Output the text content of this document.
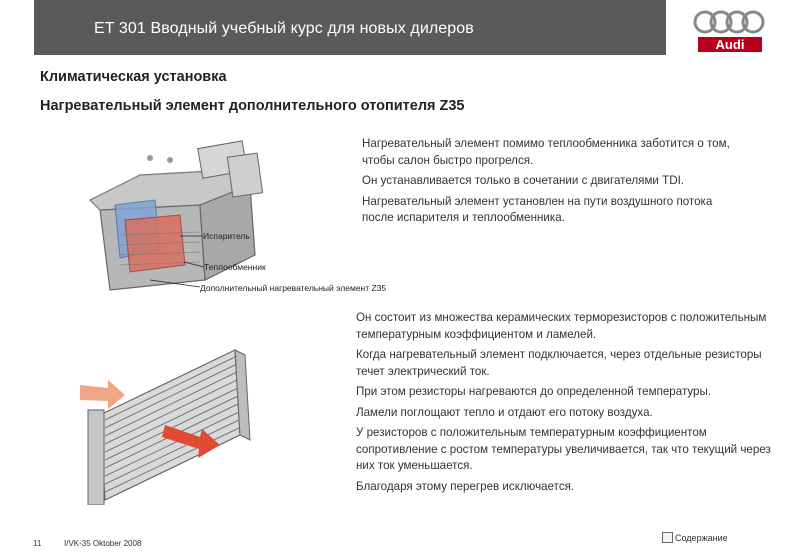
ET 301 Вводный учебный курс для новых дилеров
Audi
Климатическая установка
Нагревательный элемент дополнительного отопителя Z35
Испаритель
Теплообменник
Дополнительный нагревательный элемент Z35

Нагревательный элемент помимо теплообменника заботится о том, чтобы салон быстро прогрелся.

Он устанавливается только в сочетании с двигателями TDI.

Нагревательный элемент установлен на пути воздушного потока после испарителя и теплообменника.

Он состоит из множества керамических терморезисторов с положительным температурным коэффициентом и ламелей.

Когда нагревательный элемент подключается, через отдельные резисторы течет электрический ток.

При этом резисторы нагреваются до определенной температуры.

Ламели поглощают тепло и отдают его потоку воздуха.

У резисторов с положительным температурным коэффициентом сопротивление с ростом температуры увеличивается, так что текущий через них ток уменьшается.

Благодаря этому перегрев исключается.

11	I/VK-35 Oktober 2008
Содержание
